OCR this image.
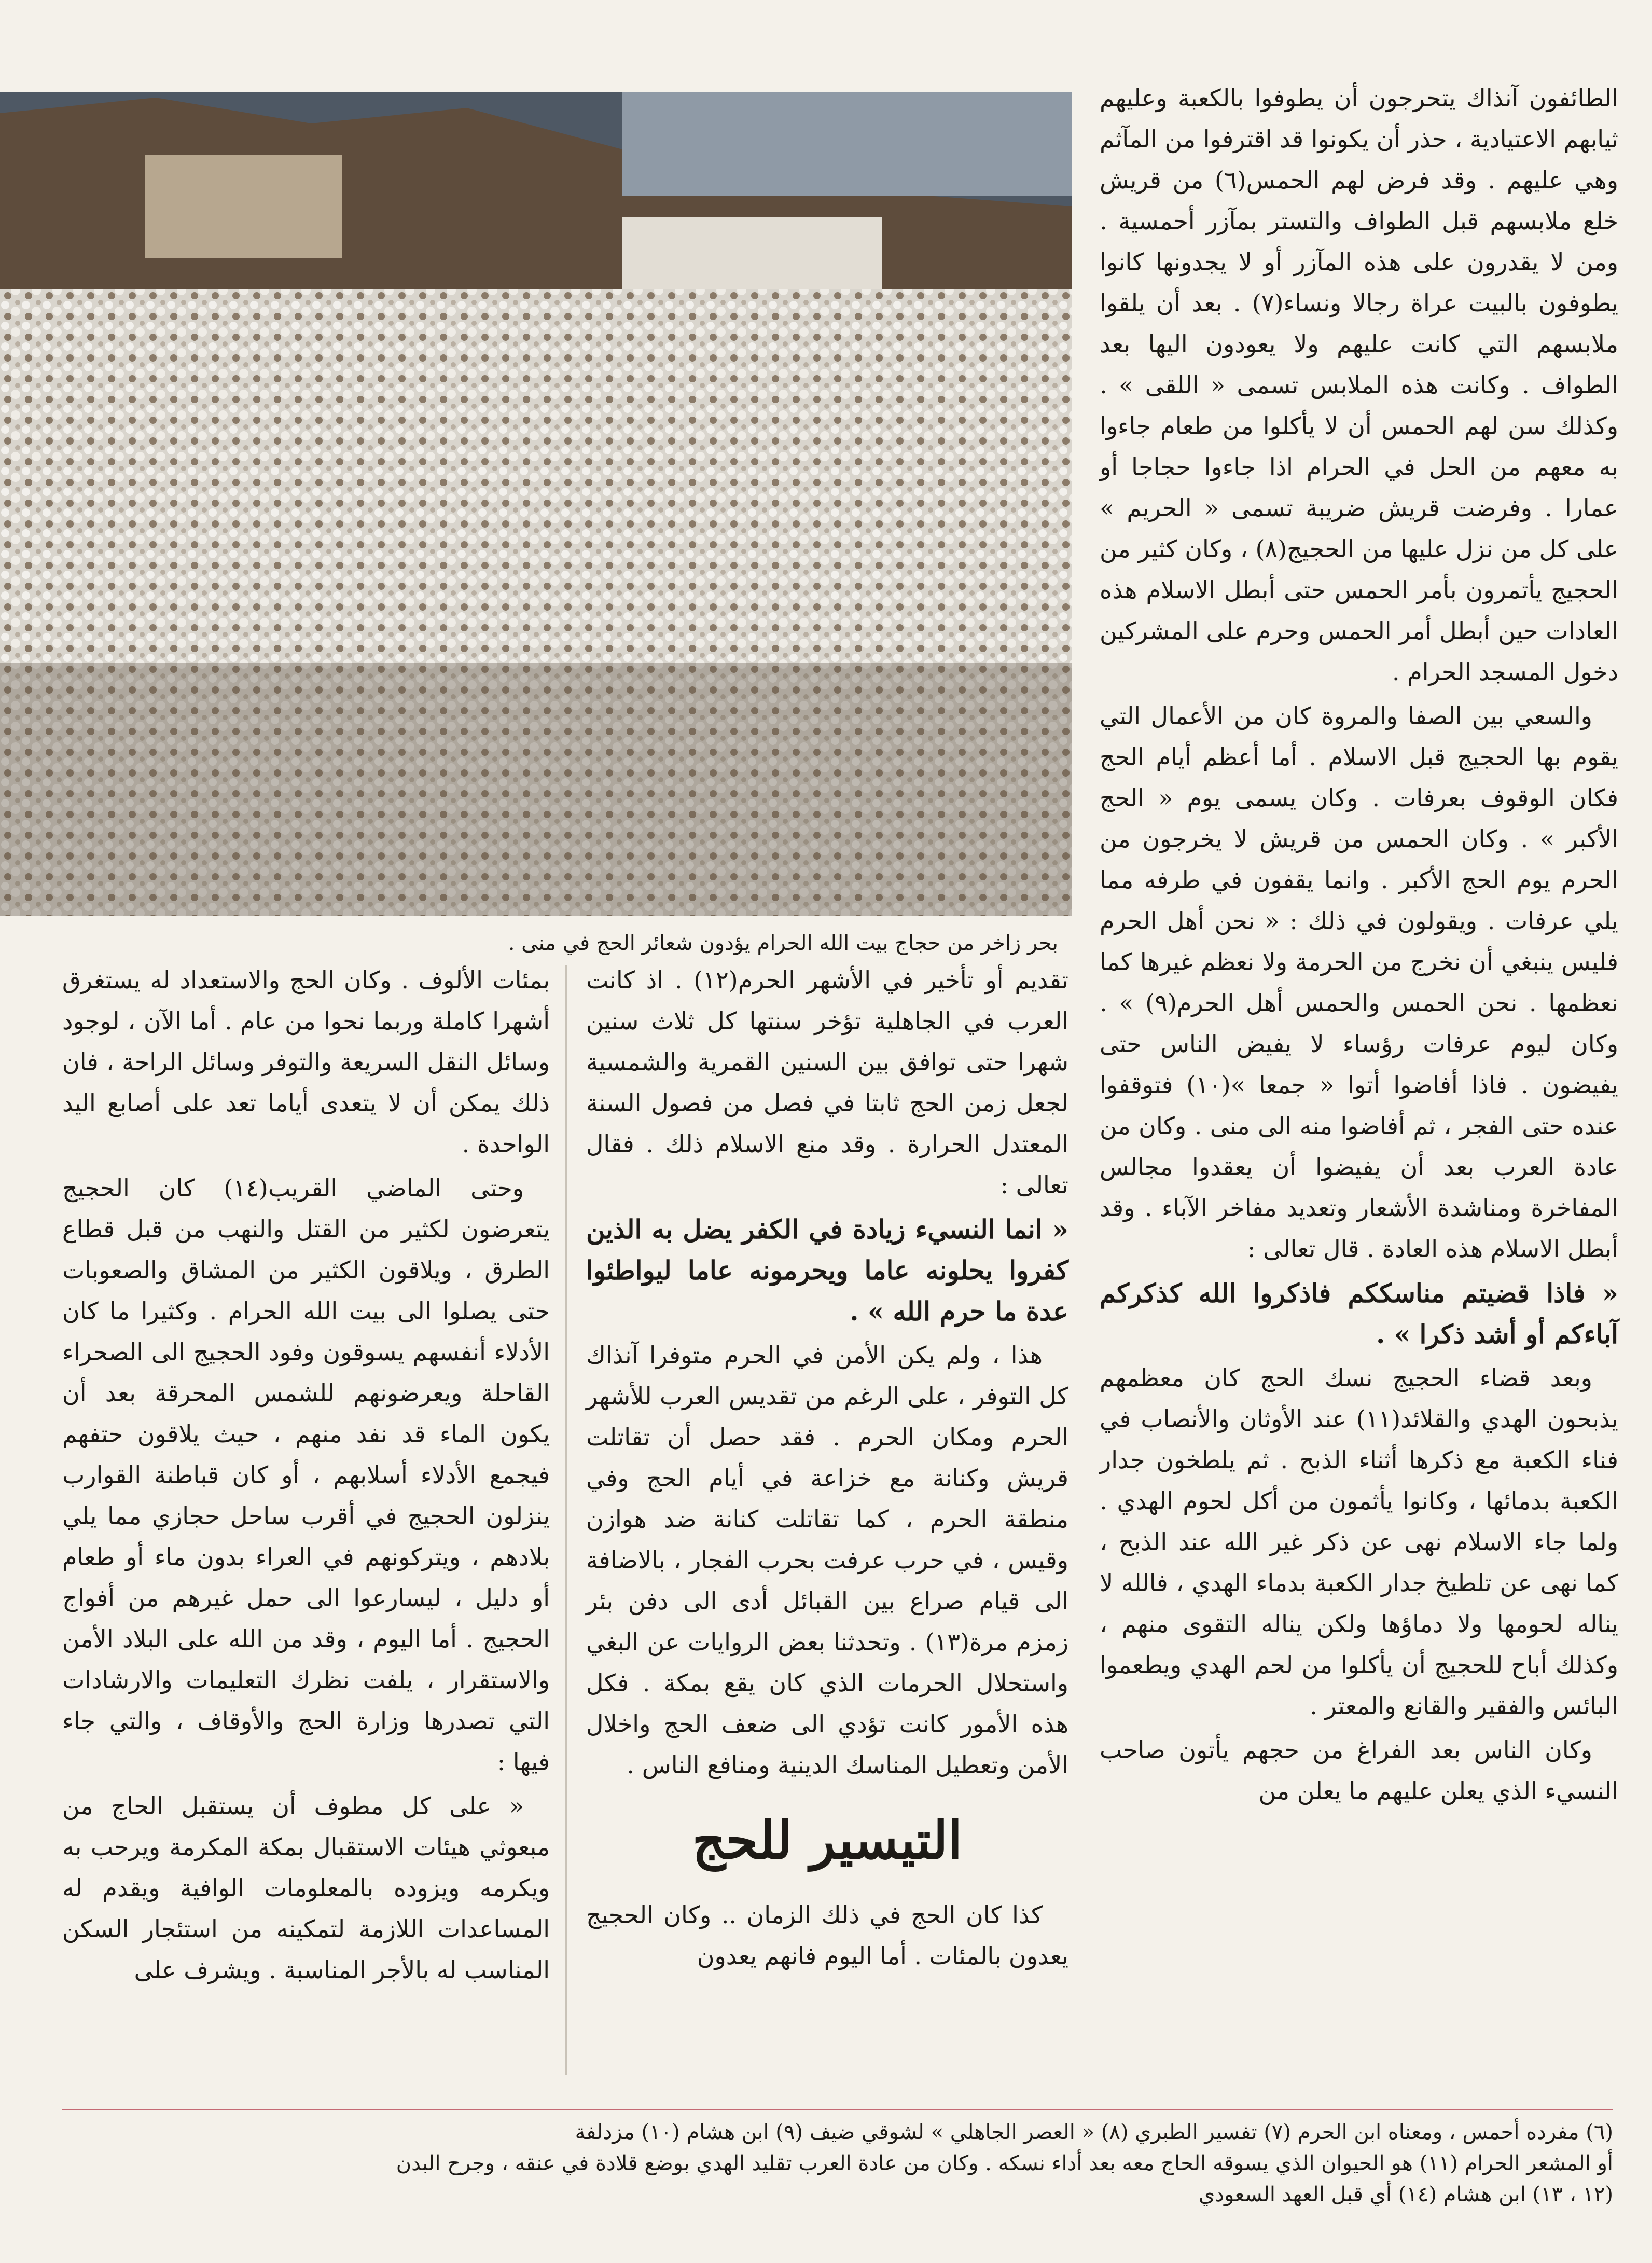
بحر زاخر من حجاج بيت الله الحرام يؤدون شعائر الحج في منى .

الطائفون آنذاك يتحرجون أن يطوفوا بالكعبة وعليهم ثيابهم الاعتيادية ، حذر أن يكونوا قد اقترفوا من المآثم وهي عليهم . وقد فرض لهم الحمس(٦) من قريش خلع ملابسهم قبل الطواف والتستر بمآزر أحمسية . ومن لا يقدرون على هذه المآزر أو لا يجدونها كانوا يطوفون بالبيت عراة رجالا ونساء(٧) . بعد أن يلقوا ملابسهم التي كانت عليهم ولا يعودون اليها بعد الطواف . وكانت هذه الملابس تسمى « اللقى » . وكذلك سن لهم الحمس أن لا يأكلوا من طعام جاءوا به معهم من الحل في الحرام اذا جاءوا حجاجا أو عمارا . وفرضت قريش ضريبة تسمى « الحريم » على كل من نزل عليها من الحجيج(٨) ، وكان كثير من الحجيج يأتمرون بأمر الحمس حتى أبطل الاسلام هذه العادات حين أبطل أمر الحمس وحرم على المشركين دخول المسجد الحرام .

والسعي بين الصفا والمروة كان من الأعمال التي يقوم بها الحجيج قبل الاسلام . أما أعظم أيام الحج فكان الوقوف بعرفات . وكان يسمى يوم « الحج الأكبر » . وكان الحمس من قريش لا يخرجون من الحرم يوم الحج الأكبر . وانما يقفون في طرفه مما يلي عرفات . ويقولون في ذلك : « نحن أهل الحرم فليس ينبغي أن نخرج من الحرمة ولا نعظم غيرها كما نعظمها . نحن الحمس والحمس أهل الحرم(٩) » . وكان ليوم عرفات رؤساء لا يفيض الناس حتى يفيضون . فاذا أفاضوا أتوا « جمعا »(١٠) فتوقفوا عنده حتى الفجر ، ثم أفاضوا منه الى منى . وكان من عادة العرب بعد أن يفيضوا أن يعقدوا مجالس المفاخرة ومناشدة الأشعار وتعديد مفاخر الآباء . وقد أبطل الاسلام هذه العادة . قال تعالى :

« فاذا قضيتم مناسككم فاذكروا الله كذكركم آباءكم أو أشد ذكرا » .

وبعد قضاء الحجيج نسك الحج كان معظمهم يذبحون الهدي والقلائد(١١) عند الأوثان والأنصاب في فناء الكعبة مع ذكرها أثناء الذبح . ثم يلطخون جدار الكعبة بدمائها ، وكانوا يأثمون من أكل لحوم الهدي . ولما جاء الاسلام نهى عن ذكر غير الله عند الذبح ، كما نهى عن تلطيخ جدار الكعبة بدماء الهدي ، فالله لا يناله لحومها ولا دماؤها ولكن يناله التقوى منهم ، وكذلك أباح للحجيج أن يأكلوا من لحم الهدي ويطعموا البائس والفقير والقانع والمعتر .

وكان الناس بعد الفراغ من حجهم يأتون صاحب النسيء الذي يعلن عليهم ما يعلن من

تقديم أو تأخير في الأشهر الحرم(١٢) . اذ كانت العرب في الجاهلية تؤخر سنتها كل ثلاث سنين شهرا حتى توافق بين السنين القمرية والشمسية لجعل زمن الحج ثابتا في فصل من فصول السنة المعتدل الحرارة . وقد منع الاسلام ذلك . فقال تعالى :

« انما النسيء زيادة في الكفر يضل به الذين كفروا يحلونه عاما ويحرمونه عاما ليواطئوا عدة ما حرم الله » .

هذا ، ولم يكن الأمن في الحرم متوفرا آنذاك كل التوفر ، على الرغم من تقديس العرب للأشهر الحرم ومكان الحرم . فقد حصل أن تقاتلت قريش وكنانة مع خزاعة في أيام الحج وفي منطقة الحرم ، كما تقاتلت كنانة ضد هوازن وقيس ، في حرب عرفت بحرب الفجار ، بالاضافة الى قيام صراع بين القبائل أدى الى دفن بئر زمزم مرة(١٣) . وتحدثنا بعض الروايات عن البغي واستحلال الحرمات الذي كان يقع بمكة . فكل هذه الأمور كانت تؤدي الى ضعف الحج واخلال الأمن وتعطيل المناسك الدينية ومنافع الناس .

التيسير للحج

كذا كان الحج في ذلك الزمان .. وكان الحجيج يعدون بالمئات . أما اليوم فانهم يعدون

بمئات الألوف . وكان الحج والاستعداد له يستغرق أشهرا كاملة وربما نحوا من عام . أما الآن ، لوجود وسائل النقل السريعة والتوفر وسائل الراحة ، فان ذلك يمكن أن لا يتعدى أياما تعد على أصابع اليد الواحدة .

وحتى الماضي القريب(١٤) كان الحجيج يتعرضون لكثير من القتل والنهب من قبل قطاع الطرق ، ويلاقون الكثير من المشاق والصعوبات حتى يصلوا الى بيت الله الحرام . وكثيرا ما كان الأدلاء أنفسهم يسوقون وفود الحجيج الى الصحراء القاحلة ويعرضونهم للشمس المحرقة بعد أن يكون الماء قد نفد منهم ، حيث يلاقون حتفهم فيجمع الأدلاء أسلابهم ، أو كان قباطنة القوارب ينزلون الحجيج في أقرب ساحل حجازي مما يلي بلادهم ، ويتركونهم في العراء بدون ماء أو طعام أو دليل ، ليسارعوا الى حمل غيرهم من أفواج الحجيج . أما اليوم ، وقد من الله على البلاد الأمن والاستقرار ، يلفت نظرك التعليمات والارشادات التي تصدرها وزارة الحج والأوقاف ، والتي جاء فيها :

« على كل مطوف أن يستقبل الحاج من مبعوثي هيئات الاستقبال بمكة المكرمة ويرحب به ويكرمه ويزوده بالمعلومات الوافية ويقدم له المساعدات اللازمة لتمكينه من استئجار السكن المناسب له بالأجر المناسبة . ويشرف على

(٦) مفرده أحمس ، ومعناه ابن الحرم (٧) تفسير الطبري (٨) « العصر الجاهلي » لشوقي ضيف (٩) ابن هشام (١٠) مزدلفة
أو المشعر الحرام (١١) هو الحيوان الذي يسوقه الحاج معه بعد أداء نسكه . وكان من عادة العرب تقليد الهدي بوضع قلادة في عنقه ، وجرح البدن
(١٢ ، ١٣) ابن هشام (١٤) أي قبل العهد السعودي
